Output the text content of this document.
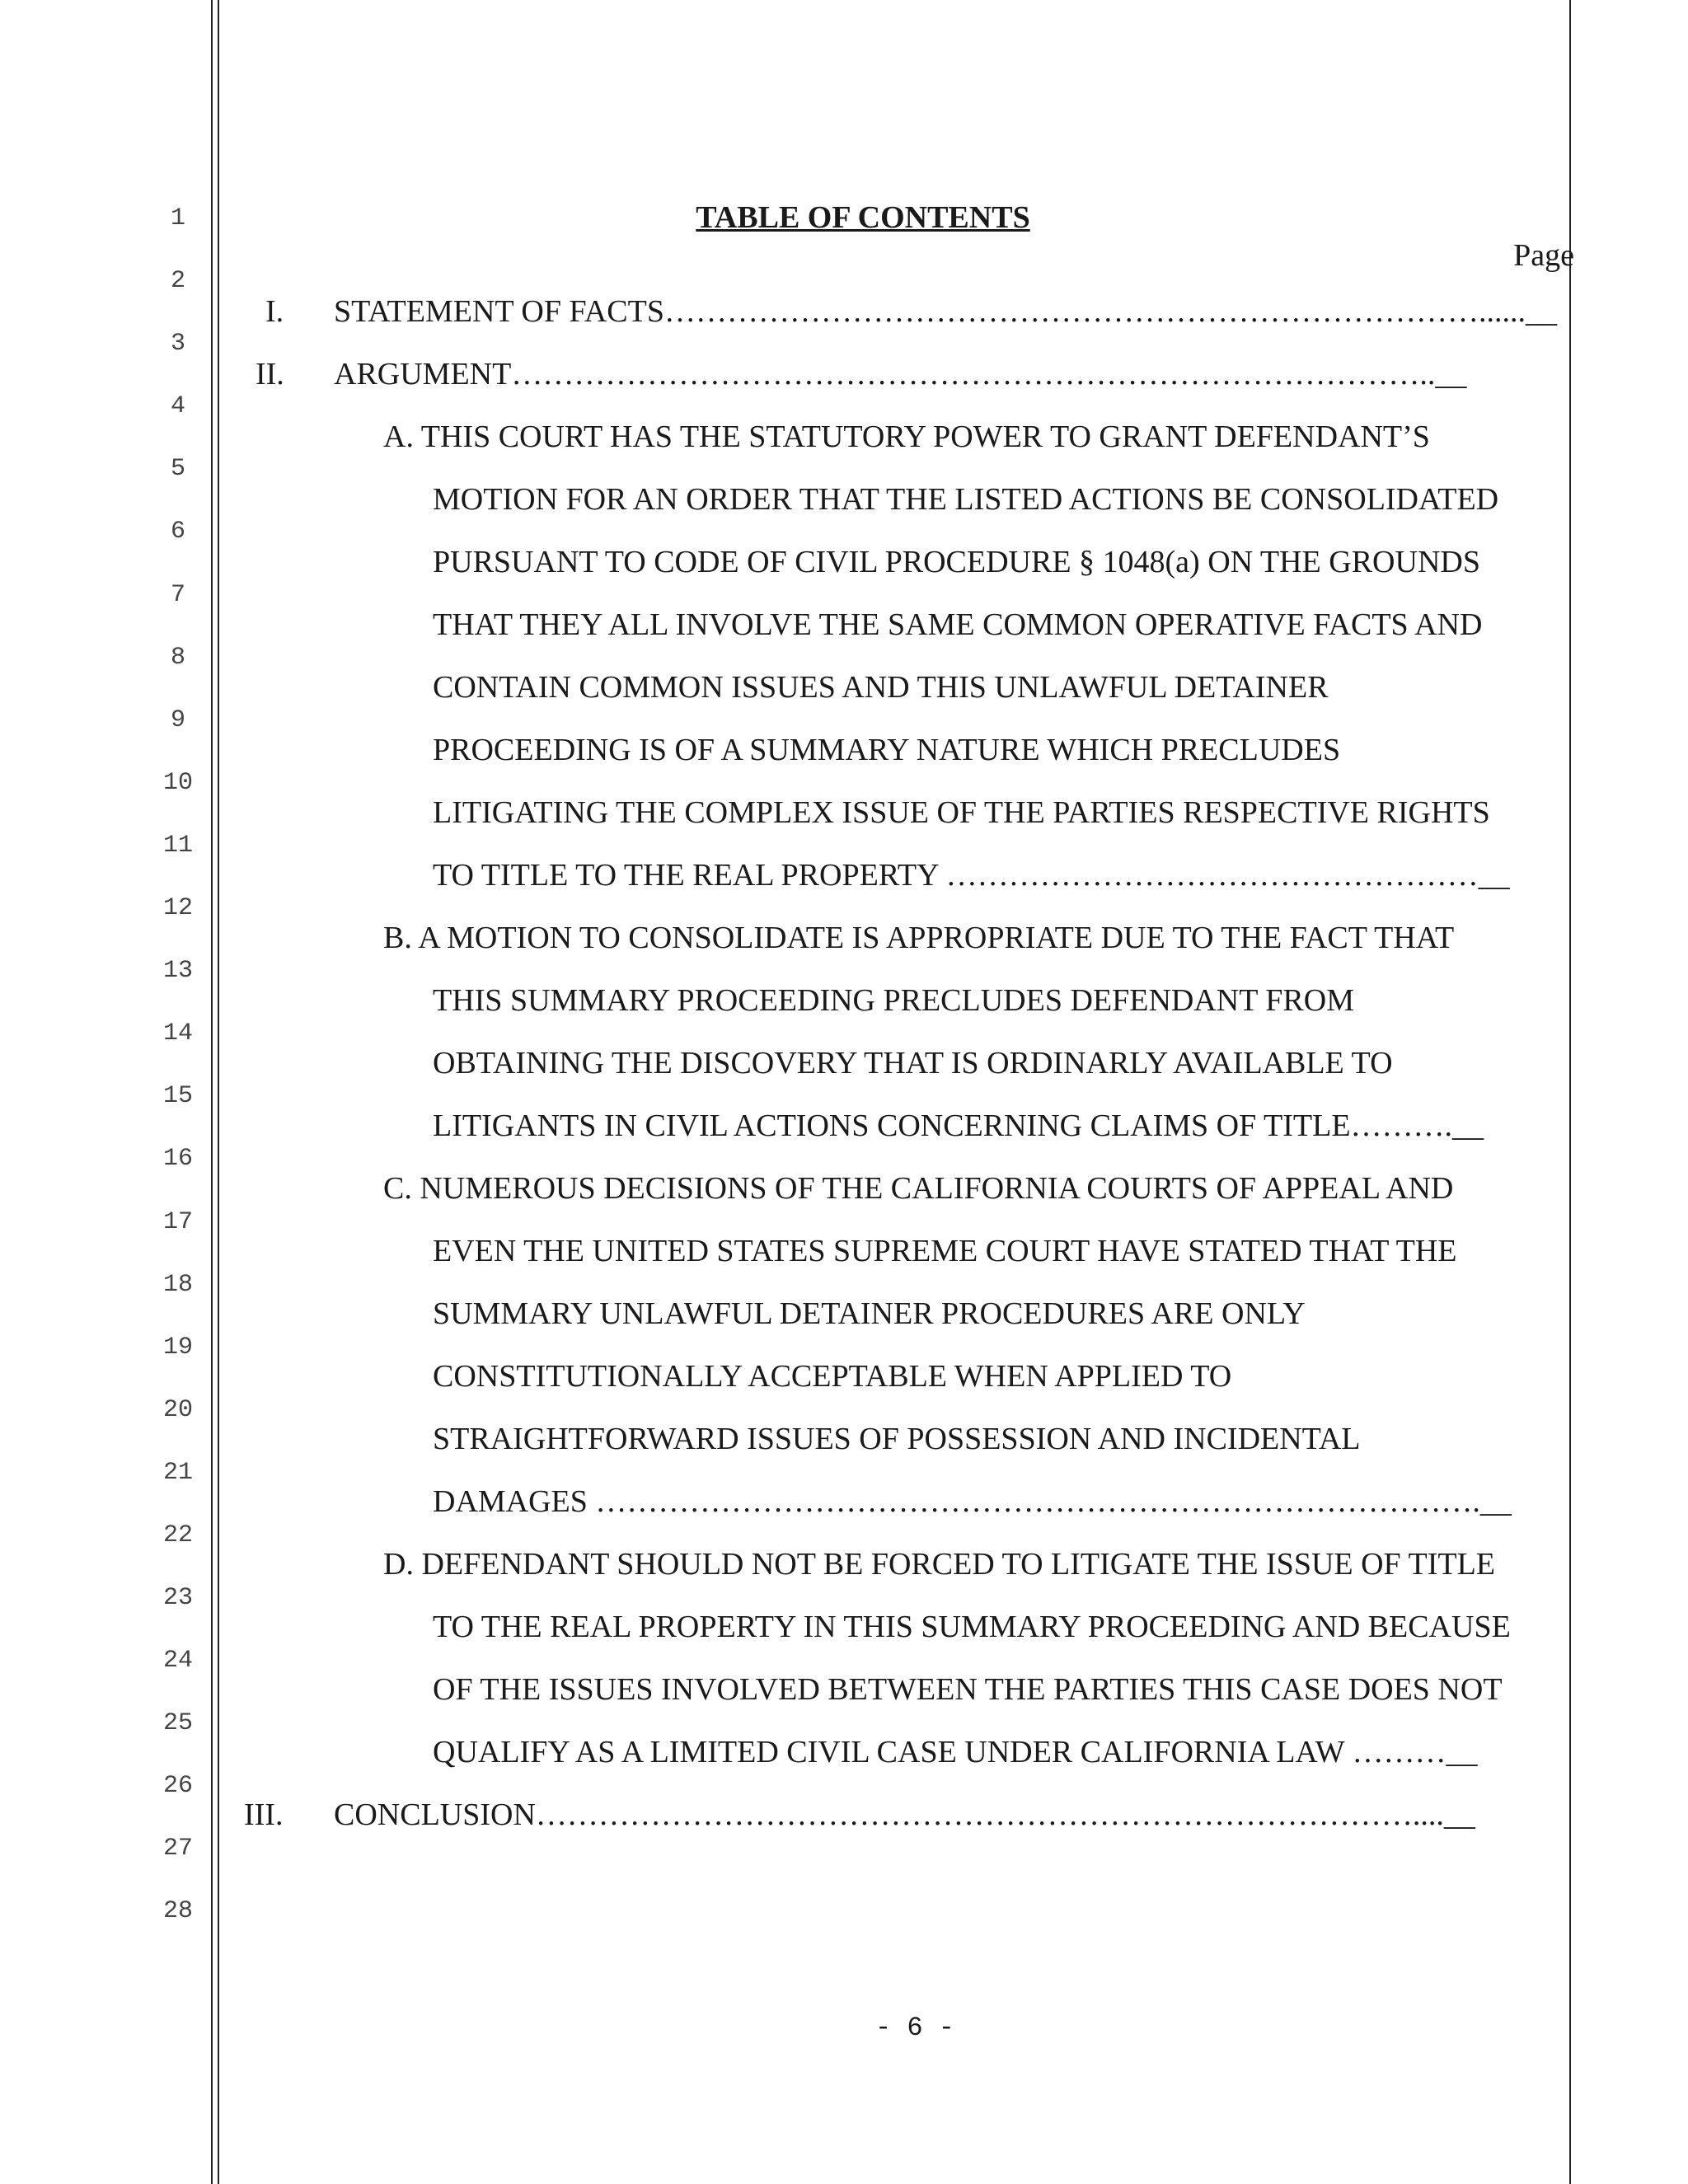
1
2
3
4
5
6
7
8
9
10
11
12
13
14
15
16
17
18
19
20
21
22
23
24
25
26
27
28
TABLE OF CONTENTS
Page
I. STATEMENT OF FACTS……………………………………………………………………......__
II. ARGUMENT……………………………………………………………………………..__
A. THIS COURT HAS THE STATUTORY POWER TO GRANT DEFENDANT’S
MOTION FOR AN ORDER THAT THE LISTED ACTIONS BE CONSOLIDATED
PURSUANT TO CODE OF CIVIL PROCEDURE § 1048(a) ON THE GROUNDS
THAT THEY ALL INVOLVE THE SAME COMMON OPERATIVE FACTS AND
CONTAIN COMMON ISSUES AND THIS UNLAWFUL DETAINER
PROCEEDING IS OF A SUMMARY NATURE WHICH PRECLUDES
LITIGATING THE COMPLEX ISSUE OF THE PARTIES RESPECTIVE RIGHTS
TO TITLE TO THE REAL PROPERTY ……………………………………………__
B. A MOTION TO CONSOLIDATE IS APPROPRIATE DUE TO THE FACT THAT
THIS SUMMARY PROCEEDING PRECLUDES DEFENDANT FROM
OBTAINING THE DISCOVERY THAT IS ORDINARLY AVAILABLE TO
LITIGANTS IN CIVIL ACTIONS CONCERNING CLAIMS OF TITLE……….__
C. NUMEROUS DECISIONS OF THE CALIFORNIA COURTS OF APPEAL AND
EVEN THE UNITED STATES SUPREME COURT HAVE STATED THAT THE
SUMMARY UNLAWFUL DETAINER PROCEDURES ARE ONLY
CONSTITUTIONALLY ACCEPTABLE WHEN APPLIED TO
STRAIGHTFORWARD ISSUES OF POSSESSION AND INCIDENTAL
DAMAGES ………………………………………………………………………….__
D. DEFENDANT SHOULD NOT BE FORCED TO LITIGATE THE ISSUE OF TITLE
TO THE REAL PROPERTY IN THIS SUMMARY PROCEEDING AND BECAUSE
OF THE ISSUES INVOLVED BETWEEN THE PARTIES THIS CASE DOES NOT
QUALIFY AS A LIMITED CIVIL CASE UNDER CALIFORNIA LAW ………__
III. CONCLUSION…………………………………………………………………………....__
- 6 -
